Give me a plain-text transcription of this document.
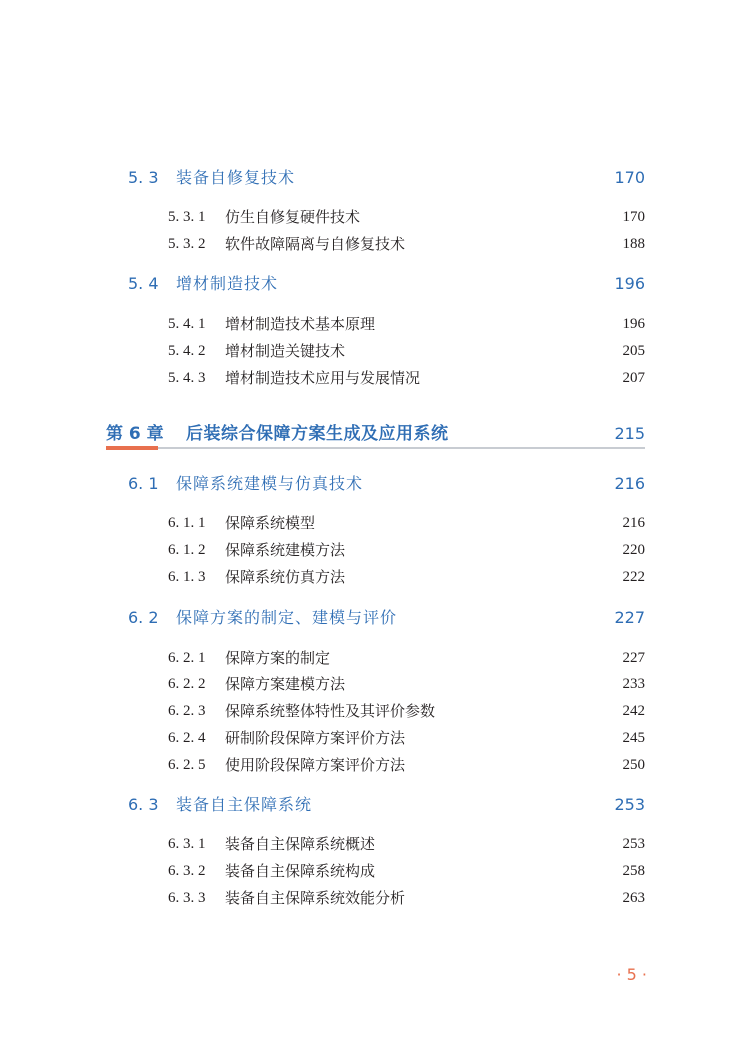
5. 3 装备自修复技术	170
5. 3. 1 仿生自修复硬件技术	170
5. 3. 2 软件故障隔离与自修复技术	188
5. 4 增材制造技术	196
5. 4. 1 增材制造技术基本原理	196
5. 4. 2 增材制造关键技术	205
5. 4. 3 增材制造技术应用与发展情况	207
第 6 章 后装综合保障方案生成及应用系统	215
6. 1 保障系统建模与仿真技术	216
6. 1. 1 保障系统模型	216
6. 1. 2 保障系统建模方法	220
6. 1. 3 保障系统仿真方法	222
6. 2 保障方案的制定、建模与评价	227
6. 2. 1 保障方案的制定	227
6. 2. 2 保障方案建模方法	233
6. 2. 3 保障系统整体特性及其评价参数	242
6. 2. 4 研制阶段保障方案评价方法	245
6. 2. 5 使用阶段保障方案评价方法	250
6. 3 装备自主保障系统	253
6. 3. 1 装备自主保障系统概述	253
6. 3. 2 装备自主保障系统构成	258
6. 3. 3 装备自主保障系统效能分析	263
· 5 ·
